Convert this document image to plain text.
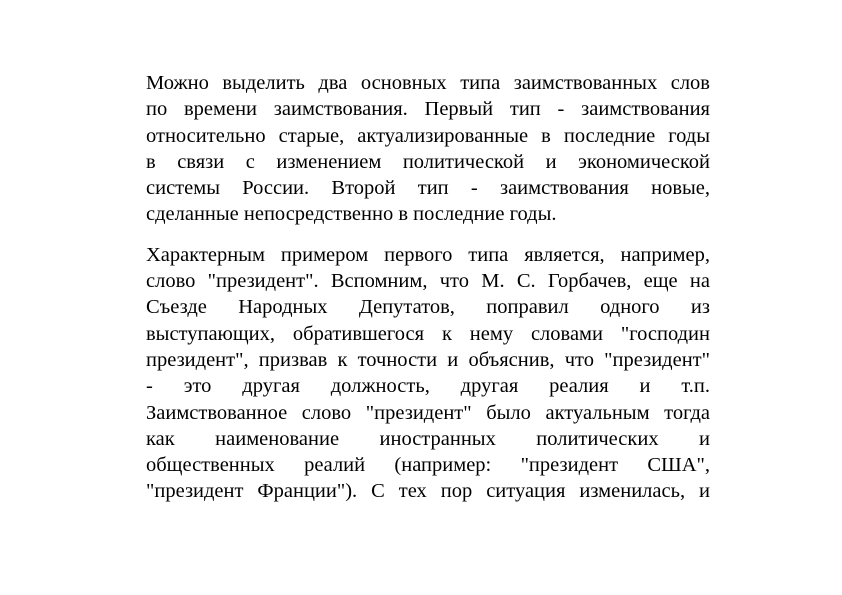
Можно выделить два основных типа заимствованных слов
по времени заимствования. Первый тип - заимствования
относительно старые, актуализированные в последние годы
в связи с изменением политической и экономической
системы России. Второй тип - заимствования новые,
сделанные непосредственно в последние годы.
Характерным примером первого типа является, например,
слово "президент". Вспомним, что М. С. Горбачев, еще на
Съезде Народных Депутатов, поправил одного из
выступающих, обратившегося к нему словами "господин
президент", призвав к точности и объяснив, что "президент"
- это другая должность, другая реалия и т.п.
Заимствованное слово "президент" было актуальным тогда
как наименование иностранных политических и
общественных реалий (например: "президент США",
"президент Франции"). С тех пор ситуация изменилась, и
